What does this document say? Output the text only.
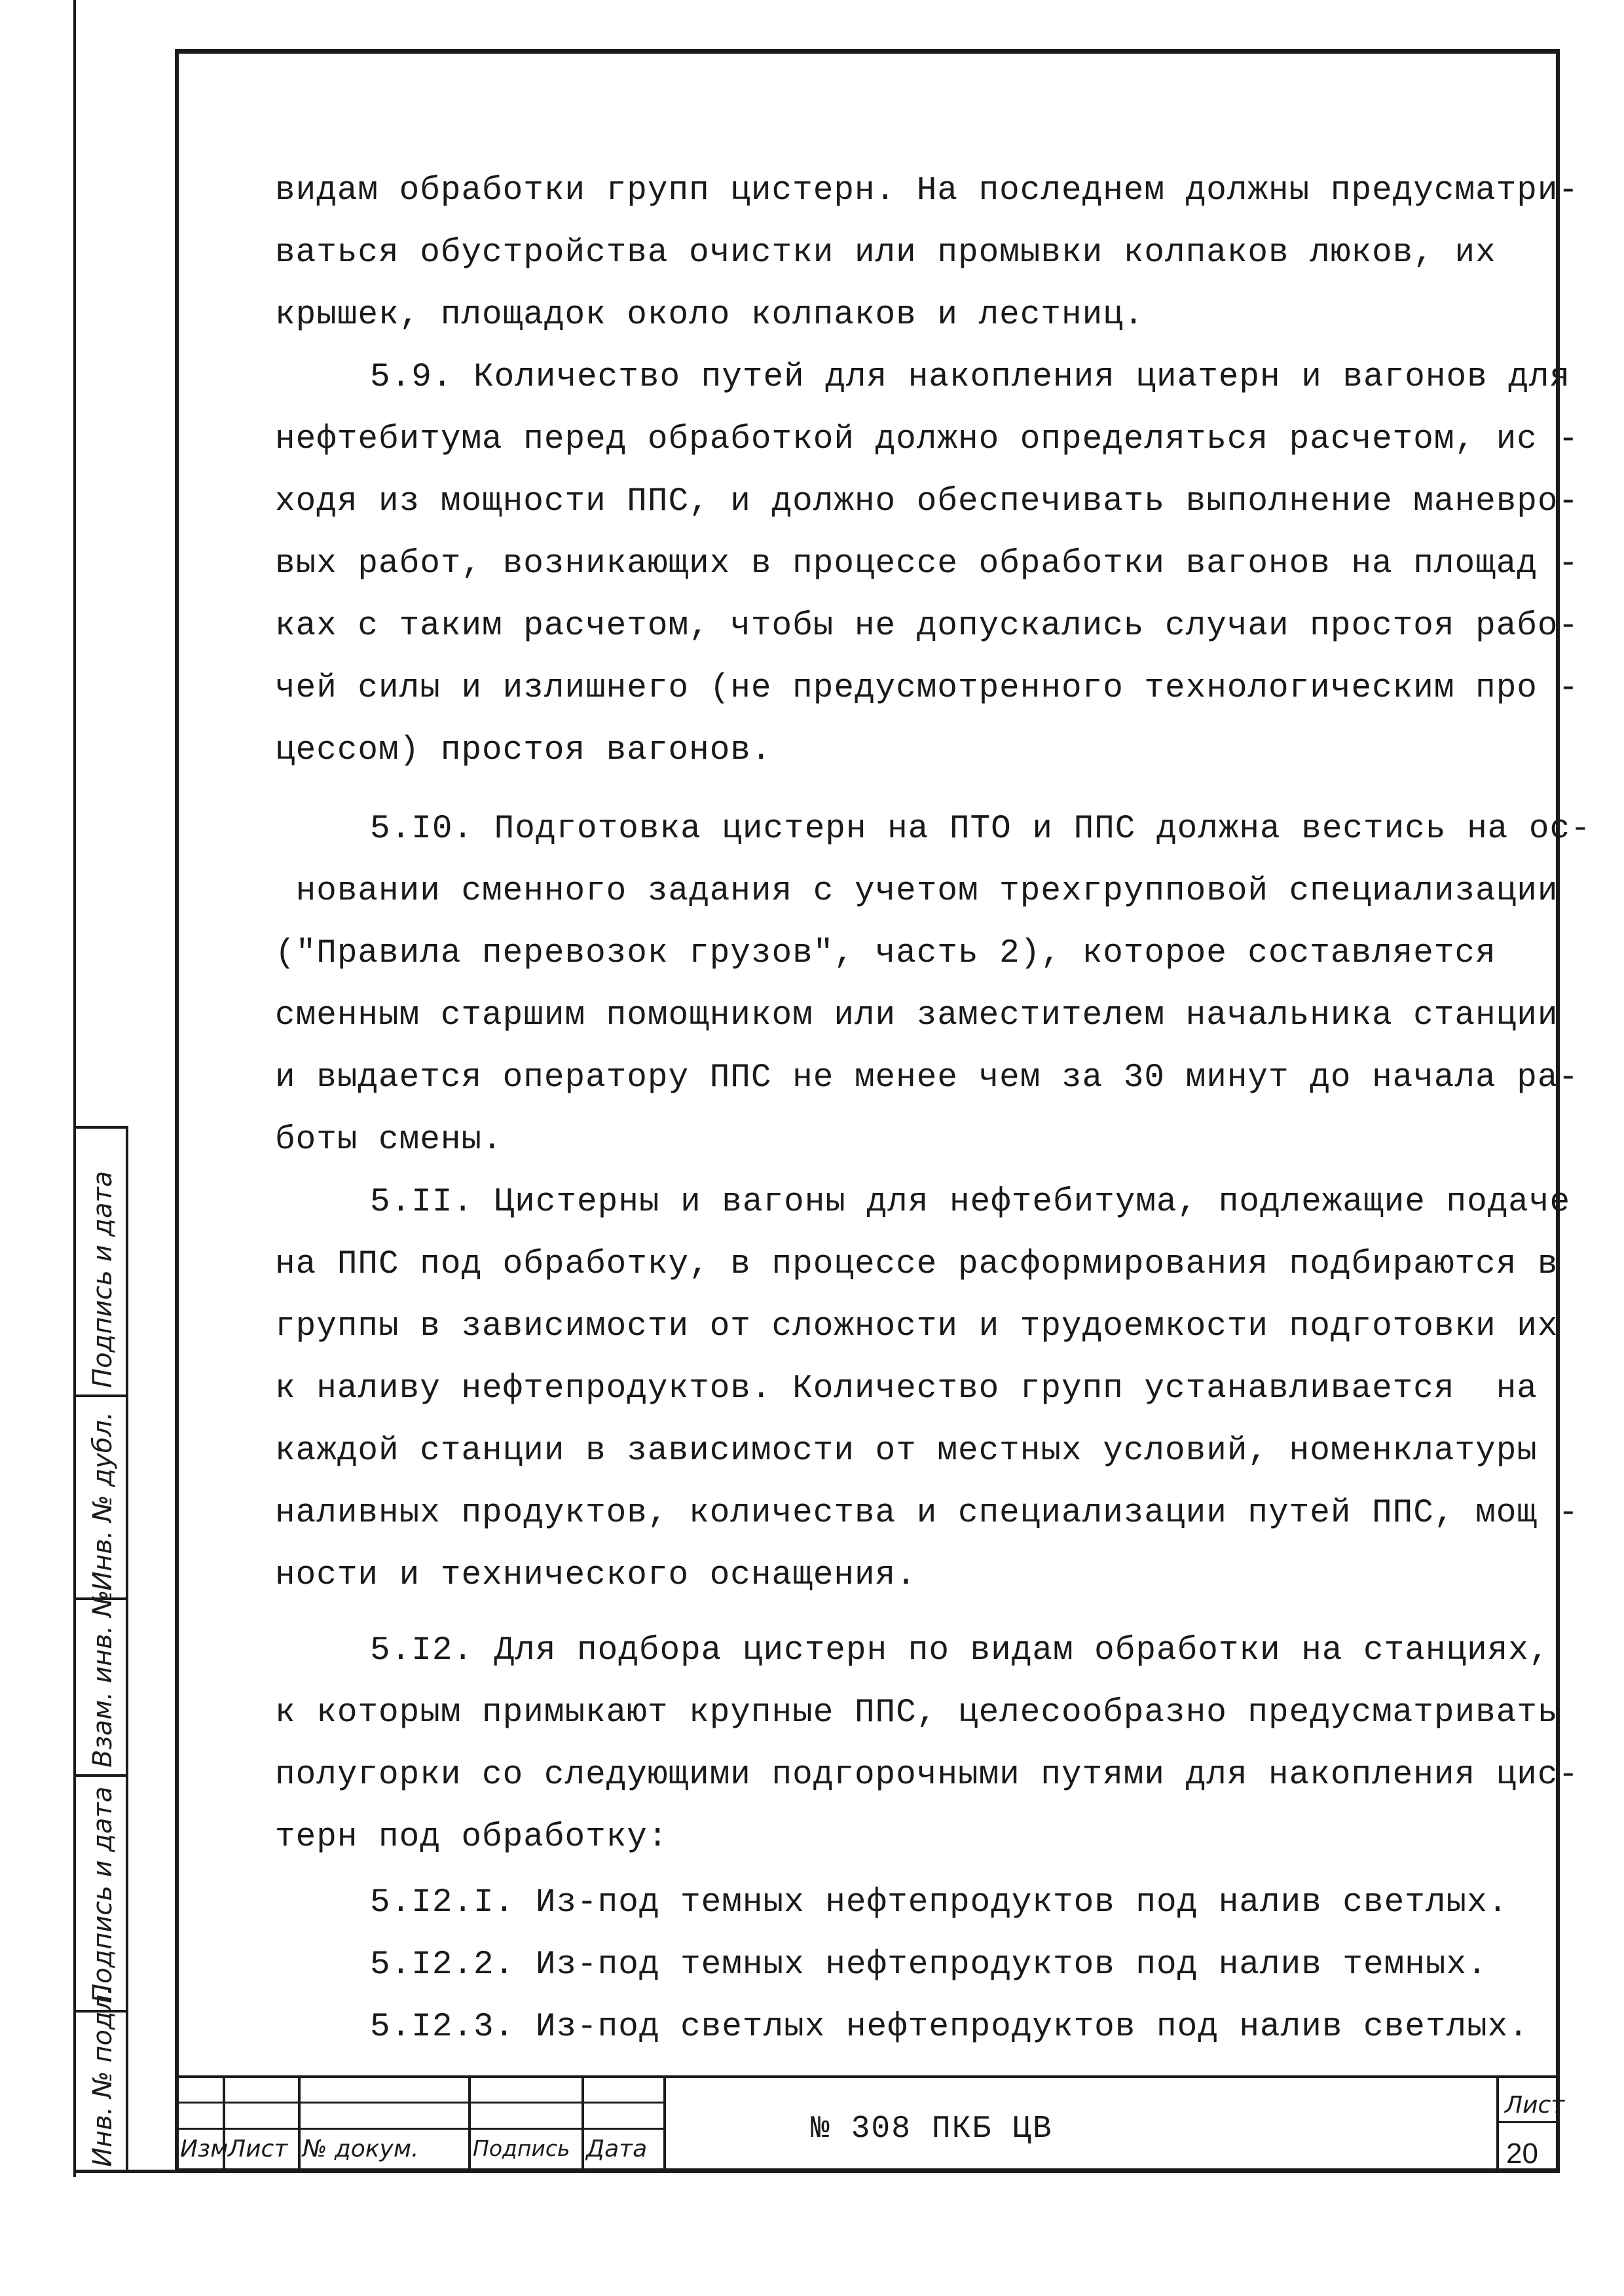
видам обработки групп цистерн. На последнем должны предусматри-
ваться обустройства очистки или промывки колпаков люков, их
крышек, площадок около колпаков и лестниц.
5.9. Количество путей для накопления циатерн и вагонов для
нефтебитума перед обработкой должно определяться расчетом, ис -
ходя из мощности ППС, и должно обеспечивать выполнение маневро-
вых работ, возникающих в процессе обработки вагонов на площад -
ках с таким расчетом, чтобы не допускались случаи простоя рабо-
чей силы и излишнего (не предусмотренного технологическим про -
цессом) простоя вагонов.
5.I0. Подготовка цистерн на ПТО и ППС должна вестись на ос-
новании сменного задания с учетом трехгрупповой специализации
("Правила перевозок грузов", часть 2), которое составляется
сменным старшим помощником или заместителем начальника станции
и выдается оператору ППС не менее чем за 30 минут до начала ра-
боты смены.
5.II. Цистерны и вагоны для нефтебитума, подлежащие подаче
на ППС под обработку, в процессе расформирования подбираются в
группы в зависимости от сложности и трудоемкости подготовки их
к наливу нефтепродуктов. Количество групп устанавливается  на
каждой станции в зависимости от местных условий, номенклатуры
наливных продуктов, количества и специализации путей ППС, мощ -
ности и технического оснащения.
5.I2. Для подбора цистерн по видам обработки на станциях,
к которым примыкают крупные ППС, целесообразно предусматривать
полугорки со следующими подгорочными путями для накопления цис-
терн под обработку:
5.I2.I. Из-под темных нефтепродуктов под налив светлых.
5.I2.2. Из-под темных нефтепродуктов под налив темных.
5.I2.3. Из-под светлых нефтепродуктов под налив светлых.
Подпись и дата
Инв. № дубл.
Взам. инв. №
Подпись и дата
Инв. № подл.	Изм Лист № докум.	Подпись Дата
№ 308 ПКБ ЦВ
Лист
20
